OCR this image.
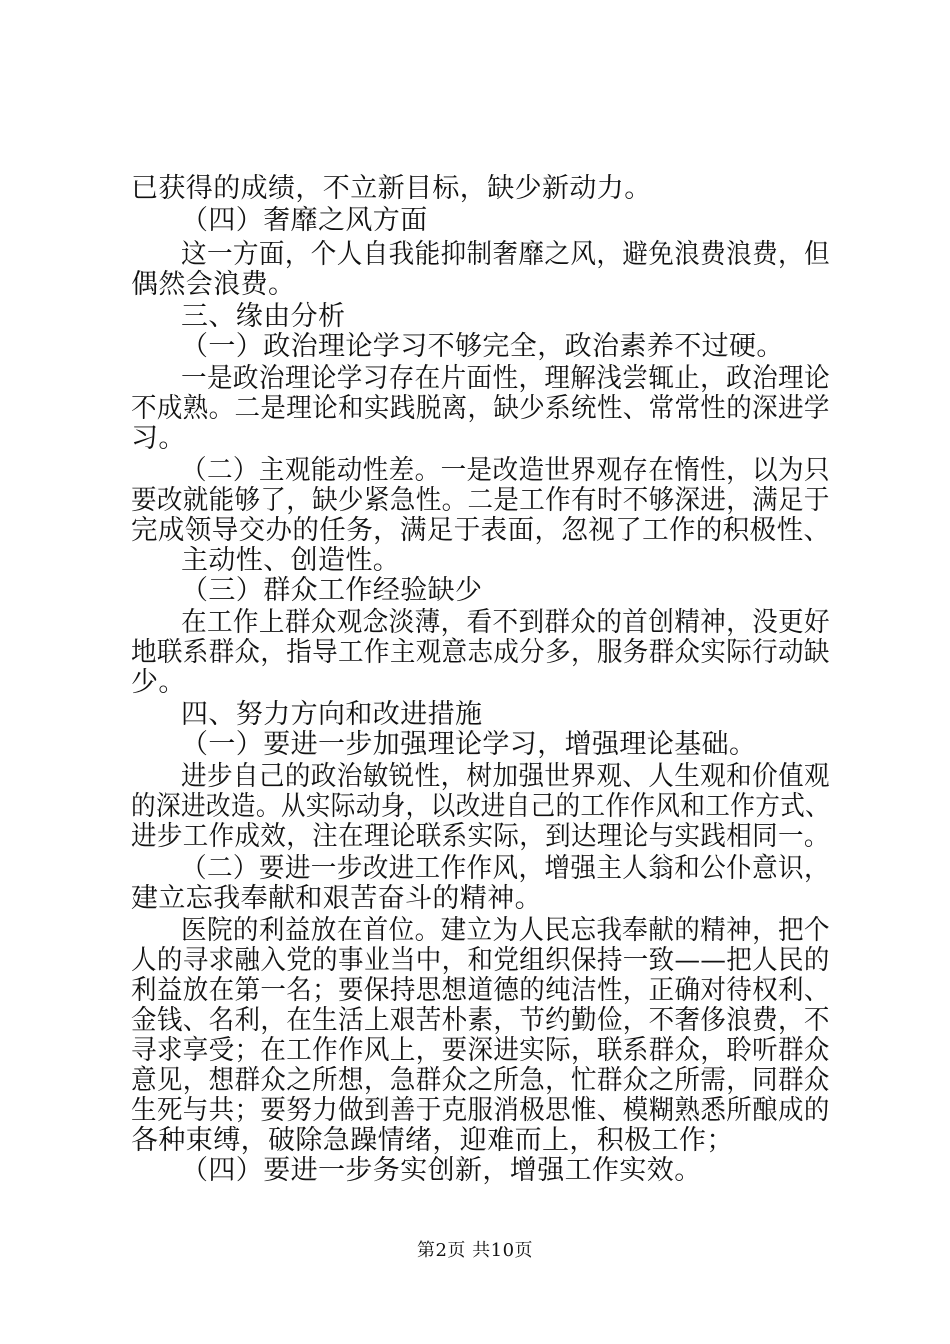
已获得的成绩，不立新目标，缺少新动力。
（四）奢靡之风方面
这一方面，个人自我能抑制奢靡之风，避免浪费浪费，但
偶然会浪费。
三、缘由分析
（一）政治理论学习不够完全，政治素养不过硬。
一是政治理论学习存在片面性，理解浅尝辄止，政治理论
不成熟。二是理论和实践脱离，缺少系统性、常常性的深进学
习。
（二）主观能动性差。一是改造世界观存在惰性，以为只
要改就能够了，缺少紧急性。二是工作有时不够深进，满足于
完成领导交办的任务，满足于表面，忽视了工作的积极性、
主动性、创造性。
（三）群众工作经验缺少
在工作上群众观念淡薄，看不到群众的首创精神，没更好
地联系群众，指导工作主观意志成分多，服务群众实际行动缺
少。
四、努力方向和改进措施
（一）要进一步加强理论学习，增强理论基础。
进步自己的政治敏锐性，树加强世界观、人生观和价值观
的深进改造。从实际动身，以改进自己的工作作风和工作方式、
进步工作成效，注在理论联系实际，到达理论与实践相同一。
（二）要进一步改进工作作风，增强主人翁和公仆意识，
建立忘我奉献和艰苦奋斗的精神。
医院的利益放在首位。建立为人民忘我奉献的精神，把个
人的寻求融入党的事业当中，和党组织保持一致——把人民的
利益放在第一名；要保持思想道德的纯洁性，正确对待权利、
金钱、名利，在生活上艰苦朴素，节约勤俭，不奢侈浪费，不
寻求享受；在工作作风上，要深进实际，联系群众，聆听群众
意见，想群众之所想，急群众之所急，忙群众之所需，同群众
生死与共；要努力做到善于克服消极思惟、模糊熟悉所酿成的
各种束缚，破除急躁情绪，迎难而上，积极工作；
（四）要进一步务实创新，增强工作实效。
第2页 共10页
